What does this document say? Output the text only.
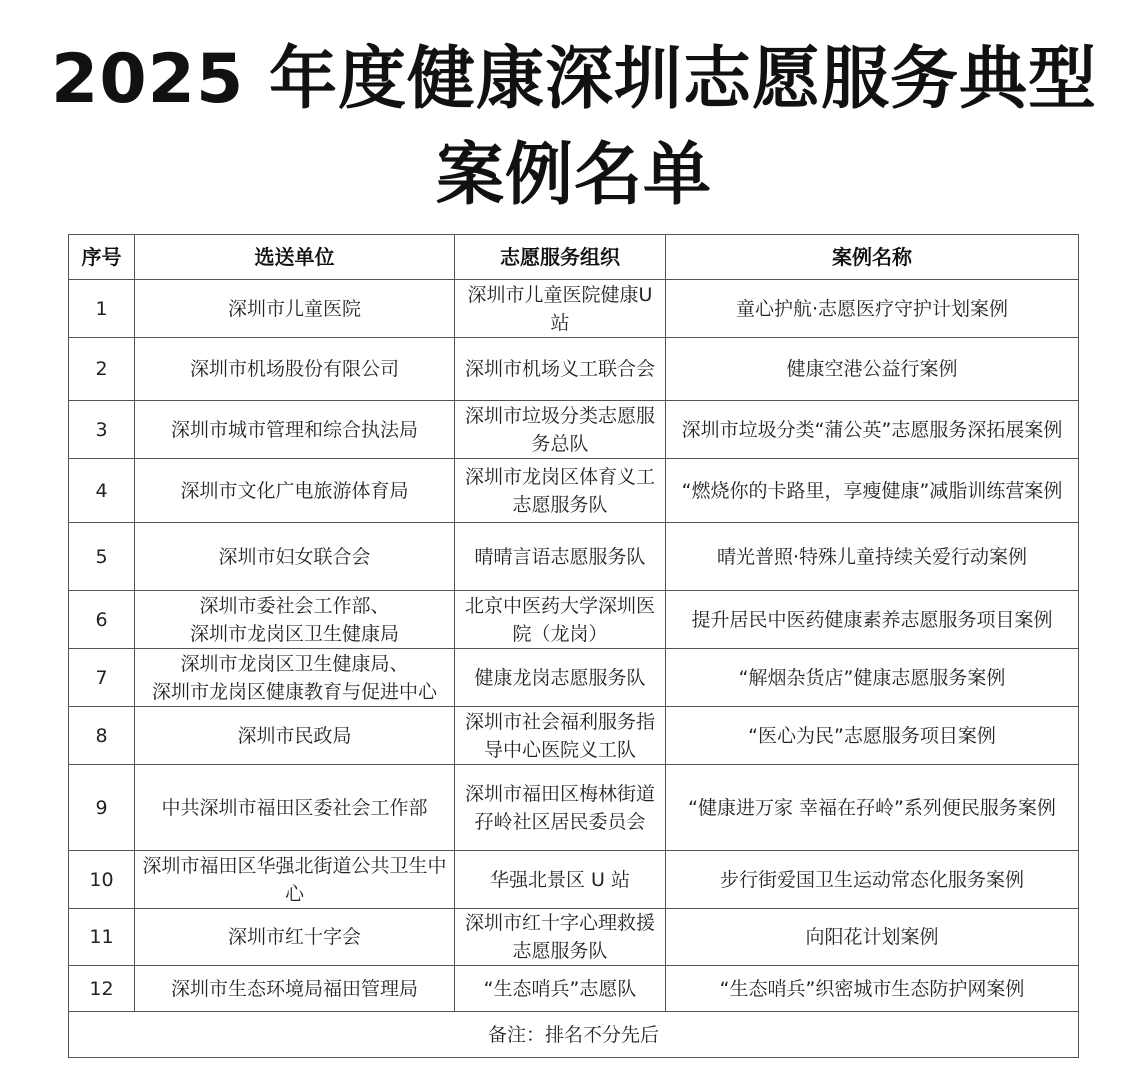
2025 年度健康深圳志愿服务典型
案例名单
序号	选送单位	志愿服务组织	案例名称
1	深圳市儿童医院	深圳市儿童医院健康U 站	童心护航·志愿医疗守护计划案例
2	深圳市机场股份有限公司	深圳市机场义工联合会	健康空港公益行案例
3	深圳市城市管理和综合执法局	深圳市垃圾分类志愿服务总队	深圳市垃圾分类“蒲公英”志愿服务深拓展案例
4	深圳市文化广电旅游体育局	深圳市龙岗区体育义工志愿服务队	“燃烧你的卡路里，享瘦健康”减脂训练营案例
5	深圳市妇女联合会	晴晴言语志愿服务队	晴光普照·特殊儿童持续关爱行动案例
6	深圳市委社会工作部、
深圳市龙岗区卫生健康局	北京中医药大学深圳医院（龙岗）	提升居民中医药健康素养志愿服务项目案例
7	深圳市龙岗区卫生健康局、
深圳市龙岗区健康教育与促进中心	健康龙岗志愿服务队	“解烟杂货店”健康志愿服务案例
8	深圳市民政局	深圳市社会福利服务指导中心医院义工队	“医心为民”志愿服务项目案例
9	中共深圳市福田区委社会工作部	深圳市福田区梅林街道孖岭社区居民委员会	“健康进万家 幸福在孖岭”系列便民服务案例
10	深圳市福田区华强北街道公共卫生中心	华强北景区 U 站	步行街爱国卫生运动常态化服务案例
11	深圳市红十字会	深圳市红十字心理救援志愿服务队	向阳花计划案例
12	深圳市生态环境局福田管理局	“生态哨兵”志愿队	“生态哨兵”织密城市生态防护网案例
备注：排名不分先后			
